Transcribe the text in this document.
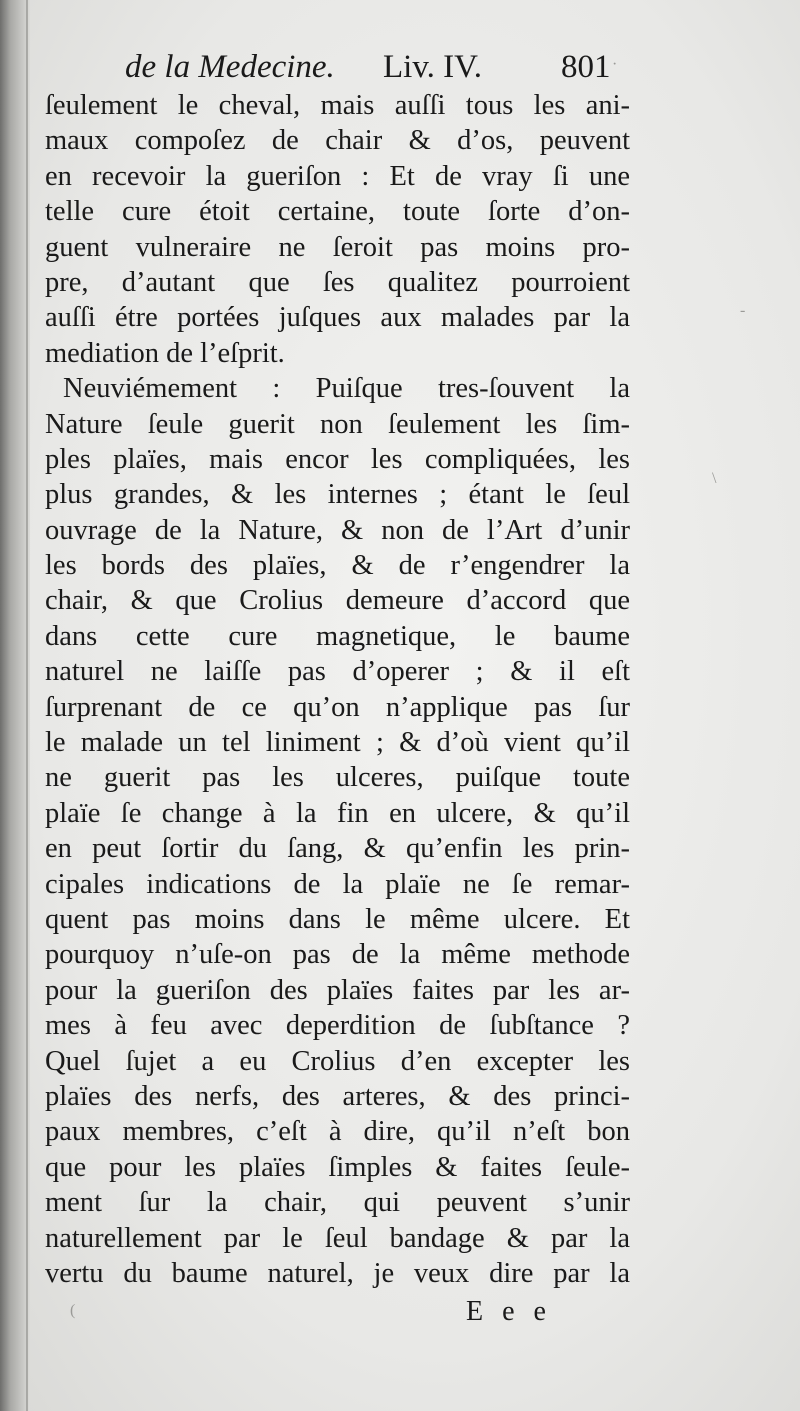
de la Medecine. Liv. IV. 801
ſeulement le cheval, mais auſſi tous les ani-
maux compoſez de chair & d’os, peuvent
en recevoir la gueriſon : Et de vray ſi une
telle cure étoit certaine, toute ſorte d’on-
guent vulneraire ne ſeroit pas moins pro-
pre, d’autant que ſes qualitez pourroient
auſſi étre portées juſques aux malades par la
mediation de l’eſprit.
Neuviémement : Puiſque tres-ſouvent la
Nature ſeule guerit non ſeulement les ſim-
ples plaïes, mais encor les compliquées, les
plus grandes, & les internes ; étant le ſeul
ouvrage de la Nature, & non de l’Art d’unir
les bords des plaïes, & de r’engendrer la
chair, & que Crolius demeure d’accord que
dans cette cure magnetique, le baume
naturel ne laiſſe pas d’operer ; & il eſt
ſurprenant de ce qu’on n’applique pas ſur
le malade un tel liniment ; & d’où vient qu’il
ne guerit pas les ulceres, puiſque toute
plaïe ſe change à la fin en ulcere, & qu’il
en peut ſortir du ſang, & qu’enfin les prin-
cipales indications de la plaïe ne ſe remar-
quent pas moins dans le même ulcere. Et
pourquoy n’uſe-on pas de la même methode
pour la gueriſon des plaïes faites par les ar-
mes à feu avec deperdition de ſubſtance ?
Quel ſujet a eu Crolius d’en excepter les
plaïes des nerfs, des arteres, & des princi-
paux membres, c’eſt à dire, qu’il n’eſt bon
que pour les plaïes ſimples & faites ſeule-
ment ſur la chair, qui peuvent s’unir
naturellement par le ſeul bandage & par la
vertu du baume naturel, je veux dire par la
E e e
·
-
\
(
